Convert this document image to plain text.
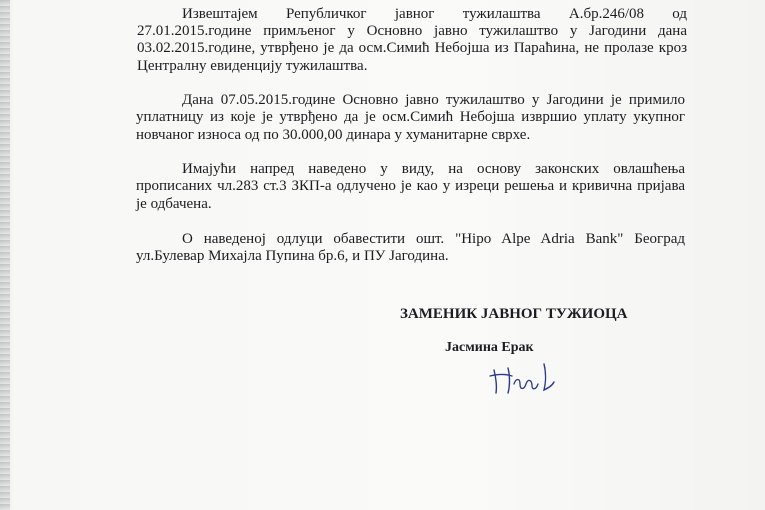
Извештајем Републичког јавног тужилаштва А.бр.246/08 од
27.01.2015.године примљеног у Основно јавно тужилаштво у Јагодини дана
03.02.2015.године, утврђено је да осм.Симић Небојша из Параћина, не пролазе кроз
Централну евиденцију тужилаштва.
Дана 07.05.2015.године Основно јавно тужилаштво у Јагодини је примило
уплатницу из које је утврђено да је осм.Симић Небојша извршио уплату укупног
новчаног износа од по 30.000,00 динара у хуманитарне сврхе.
Имајући напред наведено у виду, на основу законских овлашћења
прописаних чл.283 ст.3 ЗКП-а одлучено је као у изреци решења и кривична пријава
је одбачена.
О наведеној одлуци обавестити ошт. "Hipo Alpe Adria Bank" Београд
ул.Булевар Михајла Пупина бр.6, и ПУ Јагодина.
ЗАМЕНИК ЈАВНОГ ТУЖИОЦА
Јасмина Ерак
